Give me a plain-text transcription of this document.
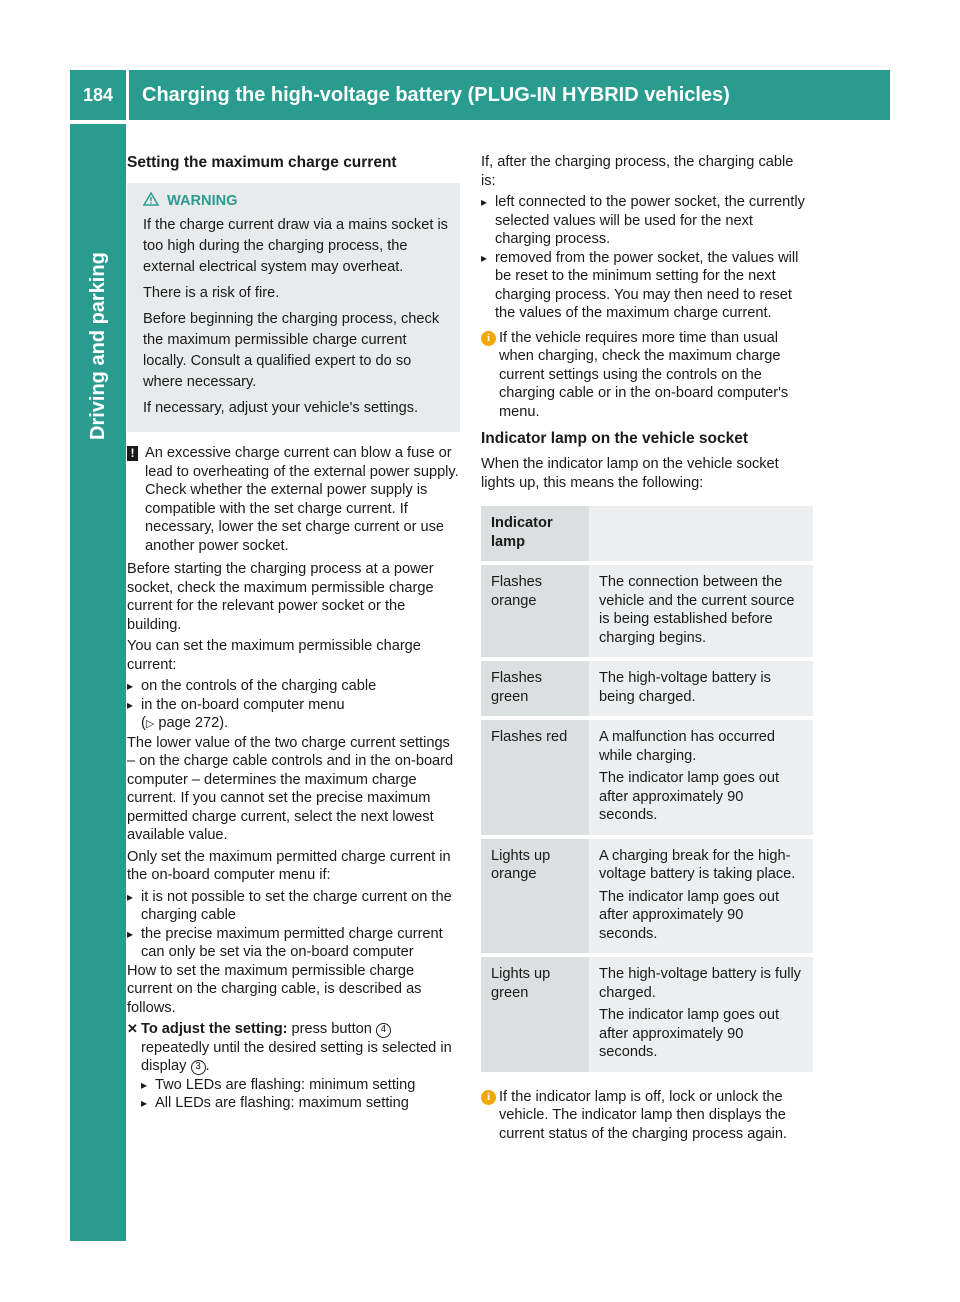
184	Charging the high-voltage battery (PLUG-IN HYBRID vehicles)
Driving and parking
Setting the maximum charge current
WARNING

If the charge current draw via a mains socket is too high during the charging process, the external electrical system may overheat.

There is a risk of fire.

Before beginning the charging process, check the maximum permissible charge current locally. Consult a qualified expert to do so where necessary.

If necessary, adjust your vehicle's settings.

! An excessive charge current can blow a fuse or lead to overheating of the external power supply. Check whether the external power supply is compatible with the set charge current. If necessary, lower the set charge current or use another power socket.

Before starting the charging process at a power socket, check the maximum permissible charge current for the relevant power socket or the building.

You can set the maximum permissible charge current:

▸ on the controls of the charging cable
▸ in the on-board computer menu
(▷ page 272).

The lower value of the two charge current settings – on the charge cable controls and in the on-board computer – determines the maximum charge current. If you cannot set the precise maximum permitted charge current, select the next lowest available value.

Only set the maximum permitted charge current in the on-board computer menu if:

▸ it is not possible to set the charge current on the charging cable
▸ the precise maximum permitted charge current can only be set via the on-board computer

How to set the maximum permissible charge current on the charging cable, is described as follows.

✕ To adjust the setting: press button 4 repeatedly until the desired setting is selected in display 3 .
▸ Two LEDs are flashing: minimum setting
▸ All LEDs are flashing: maximum setting

If, after the charging process, the charging cable is:

▸ left connected to the power socket, the currently selected values will be used for the next charging process.
▸ removed from the power socket, the values will be reset to the minimum setting for the next charging process. You may then need to reset the values of the maximum charge current.
i If the vehicle requires more time than usual when charging, check the maximum charge current settings using the controls on the charging cable or in the on-board computer's menu.
Indicator lamp on the vehicle socket

When the indicator lamp on the vehicle socket lights up, this means the following:

Indicator lamp	
Flashes orange	The connection between the vehicle and the current source is being established before charging begins.

Flashes green	The high-voltage battery is being charged.

Flashes red	A malfunction has occurred while charging.
The indicator lamp goes out after approximately 90 seconds.

Lights up orange	A charging break for the high-voltage battery is taking place.
The indicator lamp goes out after approximately 90 seconds.

Lights up green	The high-voltage battery is fully charged.
The indicator lamp goes out after approximately 90 seconds.
i If the indicator lamp is off, lock or unlock the vehicle. The indicator lamp then displays the current status of the charging process again.
